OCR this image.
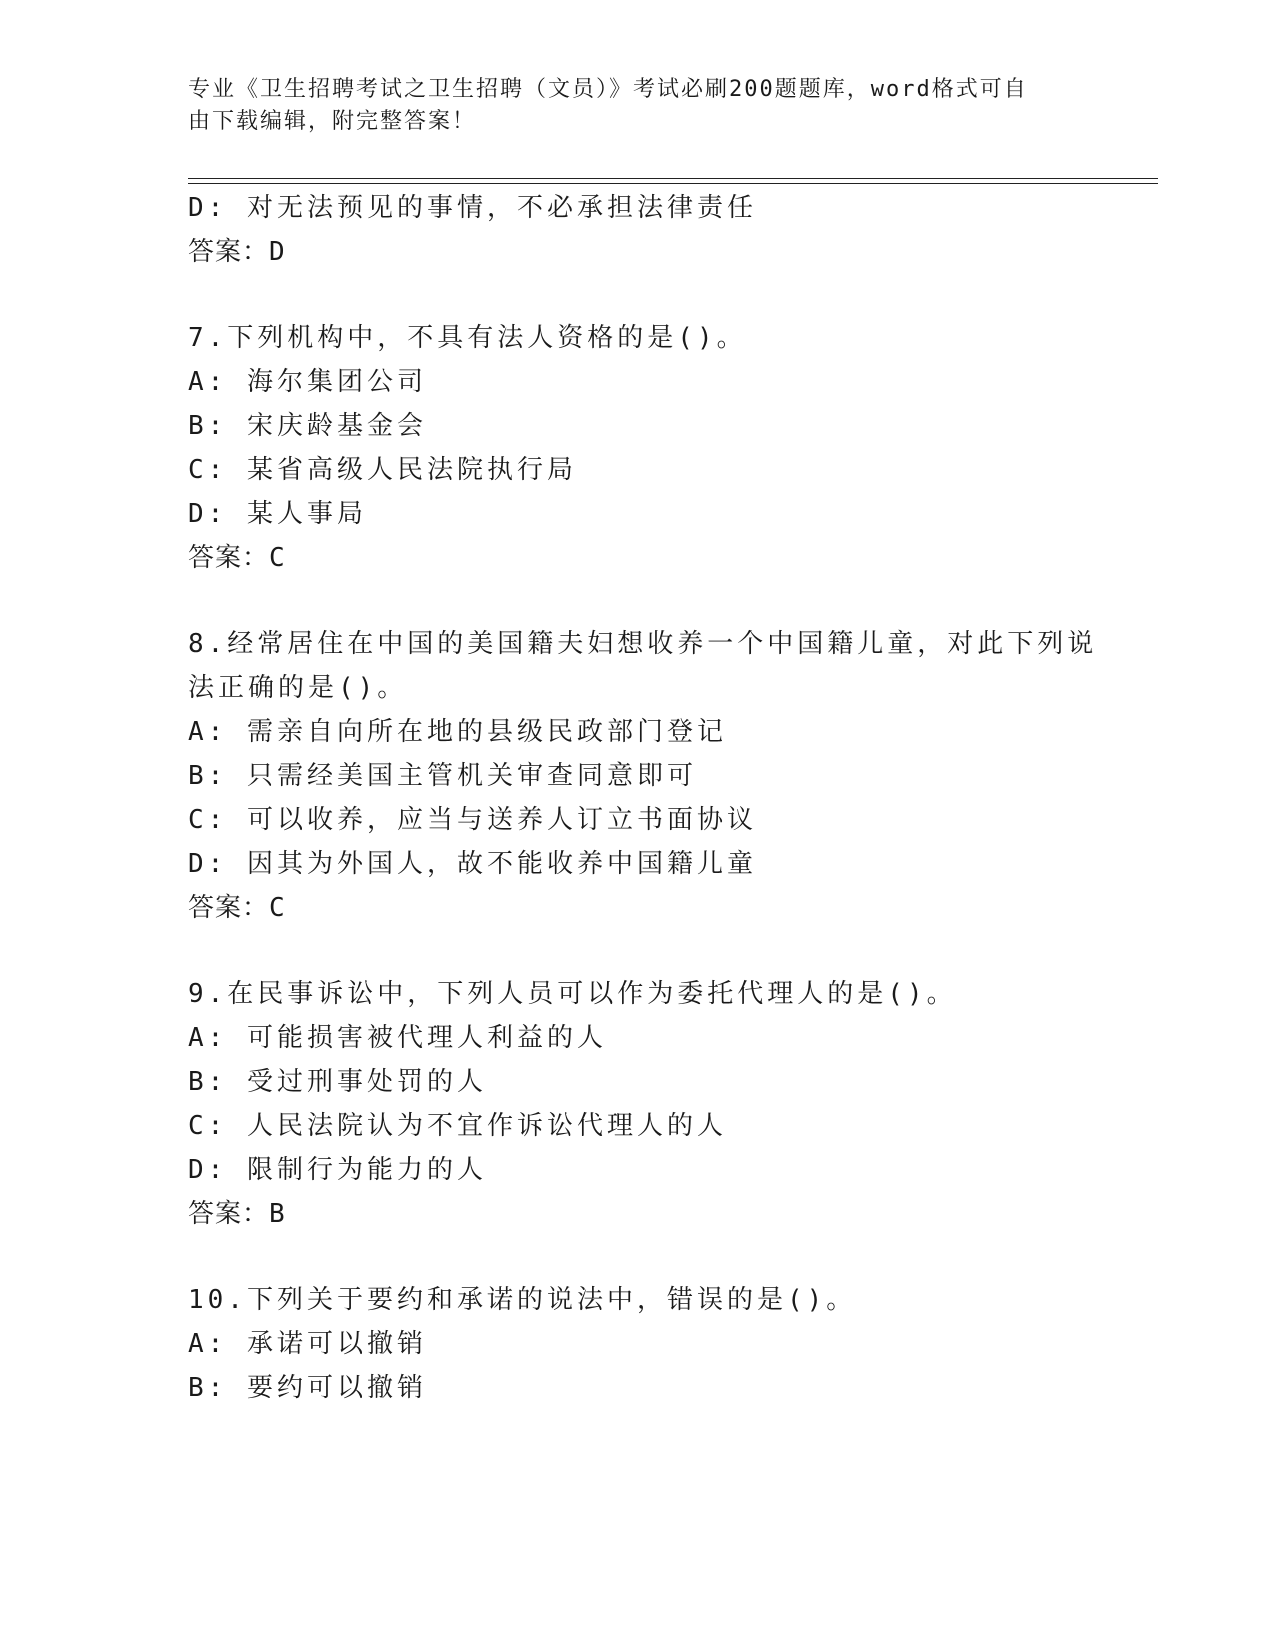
专业《卫生招聘考试之卫生招聘（文员）》考试必刷200题题库，word格式可自
由下载编辑，附完整答案！
D: 对无法预见的事情，不必承担法律责任
答案：D
7.下列机构中，不具有法人资格的是()。
A: 海尔集团公司
B: 宋庆龄基金会
C: 某省高级人民法院执行局
D: 某人事局
答案：C
8.经常居住在中国的美国籍夫妇想收养一个中国籍儿童，对此下列说
法正确的是()。
A: 需亲自向所在地的县级民政部门登记
B: 只需经美国主管机关审查同意即可
C: 可以收养，应当与送养人订立书面协议
D: 因其为外国人，故不能收养中国籍儿童
答案：C
9.在民事诉讼中，下列人员可以作为委托代理人的是()。
A: 可能损害被代理人利益的人
B: 受过刑事处罚的人
C: 人民法院认为不宜作诉讼代理人的人
D: 限制行为能力的人
答案：B
10.下列关于要约和承诺的说法中，错误的是()。
A: 承诺可以撤销
B: 要约可以撤销
